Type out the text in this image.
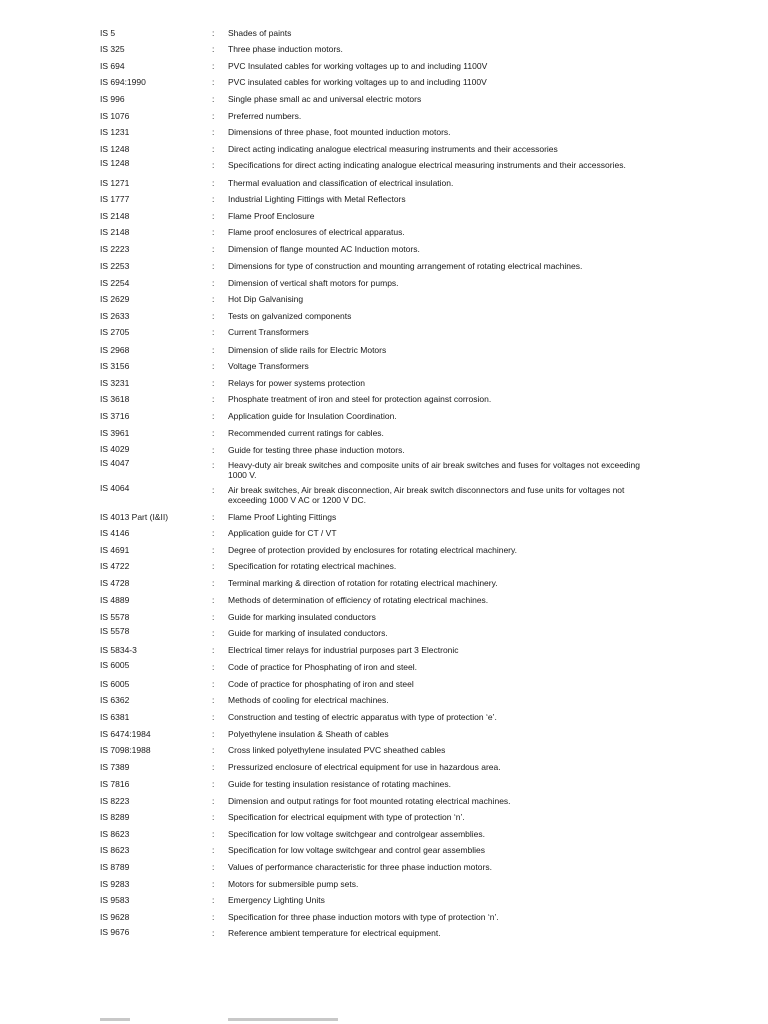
IS 5	:	Shades of paints
IS 325	:	Three phase induction motors.
IS 694	:	PVC Insulated cables for working voltages up to and including 1100V
IS 694:1990	:	PVC insulated cables for working voltages up to and including 1100V
IS 996	:	Single phase small ac and universal electric motors
IS 1076	:	Preferred numbers.
IS 1231	:	Dimensions of three phase, foot mounted induction motors.
IS 1248	:	Direct acting indicating analogue electrical measuring instruments and their accessories
IS 1248	:	Specifications for direct acting indicating analogue electrical measuring instruments and their accessories.
IS 1271	:	Thermal evaluation and classification of electrical insulation.
IS 1777	:	Industrial Lighting Fittings with Metal Reflectors
IS 2148	:	Flame Proof Enclosure
IS 2148	:	Flame proof enclosures of electrical apparatus.
IS 2223	:	Dimension of flange mounted AC Induction motors.
IS 2253	:	Dimensions for type of construction and mounting arrangement of rotating electrical machines.
IS 2254	:	Dimension of vertical shaft motors for pumps.
IS 2629	:	Hot Dip Galvanising
IS 2633	:	Tests on galvanized components
IS 2705	:	Current Transformers
IS 2968	:	Dimension of slide rails for Electric Motors
IS 3156	:	Voltage Transformers
IS 3231	:	Relays for power systems protection
IS 3618	:	Phosphate treatment of iron and steel for protection against corrosion.
IS 3716	:	Application guide for Insulation Coordination.
IS 3961	:	Recommended current ratings for cables.
IS 4029	:	Guide for testing three phase induction motors.
IS 4047	:	Heavy-duty air break switches and composite units of air break switches and fuses for voltages not exceeding 1000 V.
IS 4064	:	Air break switches, Air break disconnection, Air break switch disconnectors and fuse units for voltages not exceeding 1000 V AC or 1200 V DC.
IS 4013 Part (I&II)	:	Flame Proof Lighting Fittings
IS 4146	:	Application guide for CT / VT
IS 4691	:	Degree of protection provided by enclosures for rotating electrical machinery.
IS 4722	:	Specification for rotating electrical machines.
IS 4728	:	Terminal marking & direction of rotation for rotating electrical machinery.
IS 4889	:	Methods of determination of efficiency of rotating electrical machines.
IS 5578	:	Guide for marking insulated conductors
IS 5578	:	Guide for marking of insulated conductors.
IS 5834-3	:	Electrical timer relays for industrial purposes part 3 Electronic
IS 6005	:	Code of practice for Phosphating of iron and steel.
IS 6005	:	Code of practice for phosphating of iron and steel
IS 6362	:	Methods of cooling for electrical machines.
IS 6381	:	Construction and testing of electric apparatus with type of protection ‘e’.
IS 6474:1984	:	Polyethylene insulation & Sheath of cables
IS 7098:1988	:	Cross linked polyethylene insulated PVC sheathed cables
IS 7389	:	Pressurized enclosure of electrical equipment for use in hazardous area.
IS 7816	:	Guide for testing insulation resistance of rotating machines.
IS 8223	:	Dimension and output ratings for foot mounted rotating electrical machines.
IS 8289	:	Specification for electrical equipment with type of protection ‘n’.
IS 8623	:	Specification for low voltage switchgear and controlgear assemblies.
IS 8623	:	Specification for low voltage switchgear and control gear assemblies
IS 8789	:	Values of performance characteristic for three phase induction motors.
IS 9283	:	Motors for submersible pump sets.
IS 9583	:	Emergency Lighting Units
IS 9628	:	Specification for three phase induction motors with type of protection ‘n’.
IS 9676	:	Reference ambient temperature for electrical equipment.
